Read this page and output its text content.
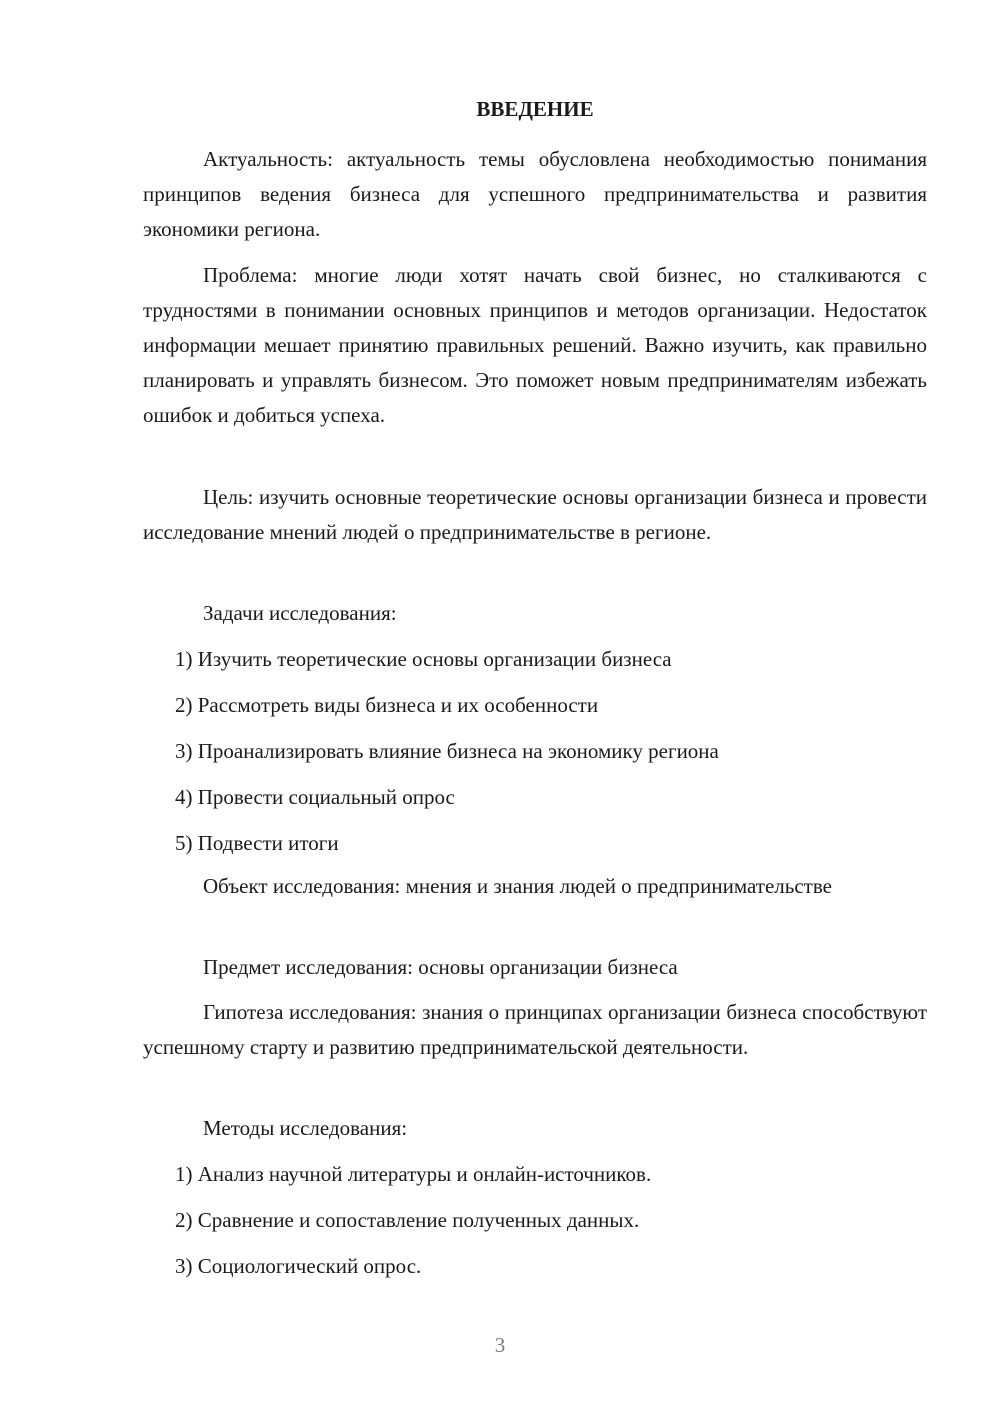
ВВЕДЕНИЕ

Актуальность: актуальность темы обусловлена необходимостью понимания принципов ведения бизнеса для успешного предпринимательства и развития экономики региона.

Проблема: многие люди хотят начать свой бизнес, но сталкиваются с трудностями в понимании основных принципов и методов организации. Недостаток информации мешает принятию правильных решений. Важно изучить, как правильно планировать и управлять бизнесом. Это поможет новым предпринимателям избежать ошибок и добиться успеха.

Цель: изучить основные теоретические основы организации бизнеса и провести исследование мнений людей о предпринимательстве в регионе.

Задачи исследования:

1) Изучить теоретические основы организации бизнеса

2) Рассмотреть виды бизнеса и их особенности

3) Проанализировать влияние бизнеса на экономику региона

4) Провести социальный опрос

5) Подвести итоги

Объект исследования: мнения и знания людей о предпринимательстве

Предмет исследования: основы организации бизнеса

Гипотеза исследования: знания о принципах организации бизнеса способствуют успешному старту и развитию предпринимательской деятельности.

Методы исследования:

1) Анализ научной литературы и онлайн-источников.

2) Сравнение и сопоставление полученных данных.

3) Социологический опрос.

3
